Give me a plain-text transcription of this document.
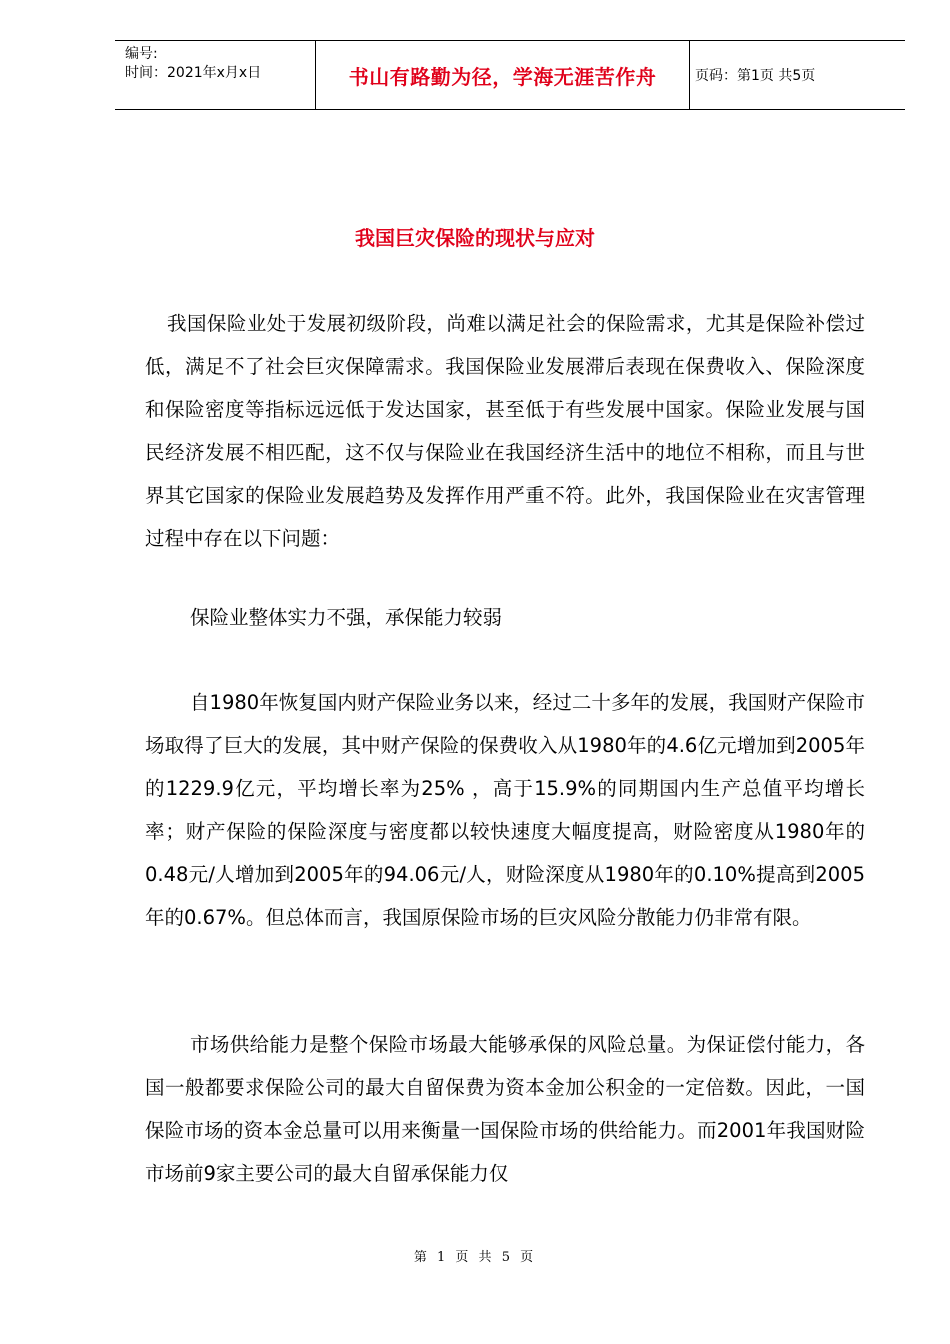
编号:
时间：2021年x月x日	书山有路勤为径，学海无涯苦作舟	页码：第1页 共5页
我国巨灾保险的现状与应对
我国保险业处于发展初级阶段，尚难以满足社会的保险需求，尤其是保险补偿过低，满足不了社会巨灾保障需求。我国保险业发展滞后表现在保费收入、保险深度和保险密度等指标远远低于发达国家，甚至低于有些发展中国家。保险业发展与国民经济发展不相匹配，这不仅与保险业在我国经济生活中的地位不相称，而且与世界其它国家的保险业发展趋势及发挥作用严重不符。此外，我国保险业在灾害管理过程中存在以下问题：
保险业整体实力不强，承保能力较弱
自1980年恢复国内财产保险业务以来，经过二十多年的发展，我国财产保险市场取得了巨大的发展，其中财产保险的保费收入从1980年的4.6亿元增加到2005年的1229.9亿元，平均增长率为25% ，高于15.9%的同期国内生产总值平均增长率；财产保险的保险深度与密度都以较快速度大幅度提高，财险密度从1980年的0.48元/人增加到2005年的94.06元/人，财险深度从1980年的0.10%提高到2005年的0.67%。但总体而言，我国原保险市场的巨灾风险分散能力仍非常有限。
市场供给能力是整个保险市场最大能够承保的风险总量。为保证偿付能力，各国一般都要求保险公司的最大自留保费为资本金加公积金的一定倍数。因此，一国保险市场的资本金总量可以用来衡量一国保险市场的供给能力。而2001年我国财险市场前9家主要公司的最大自留承保能力仅
第 1 页 共 5 页
